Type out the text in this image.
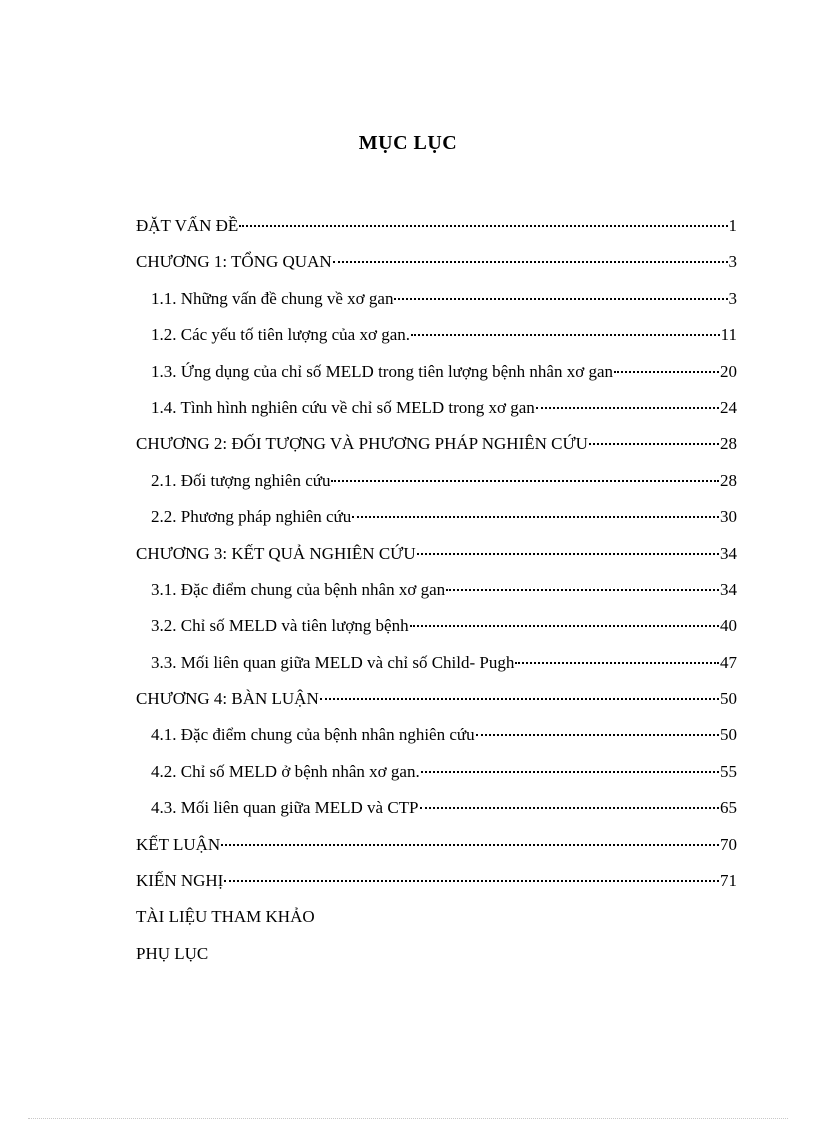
MỤC LỤC
ĐẶT VẤN ĐỀ	1
CHƯƠNG 1: TỔNG QUAN	3
1.1. Những vấn đề chung về xơ gan	3
1.2. Các yếu tố tiên lượng của xơ gan.	11
1.3. Ứng dụng của chỉ số MELD trong tiên lượng bệnh nhân xơ gan	20
1.4. Tình hình nghiên cứu về chỉ số MELD trong xơ gan	24
CHƯƠNG 2: ĐỐI TƯỢNG VÀ PHƯƠNG PHÁP NGHIÊN CỨU	28
2.1. Đối tượng nghiên cứu	28
2.2. Phương pháp nghiên cứu	30
CHƯƠNG 3: KẾT QUẢ NGHIÊN CỨU	34
3.1. Đặc điểm chung của bệnh nhân xơ gan	34
3.2. Chỉ số MELD và tiên lượng bệnh	40
3.3. Mối liên quan giữa MELD và chỉ số Child- Pugh	47
CHƯƠNG 4: BÀN LUẬN	50
4.1. Đặc điểm chung của bệnh nhân nghiên cứu	50
4.2. Chỉ số MELD ở bệnh nhân xơ gan.	55
4.3. Mối liên quan giữa MELD và CTP	65
KẾT LUẬN	70
KIẾN NGHỊ	71
TÀI LIỆU THAM KHẢO
PHỤ LỤC
